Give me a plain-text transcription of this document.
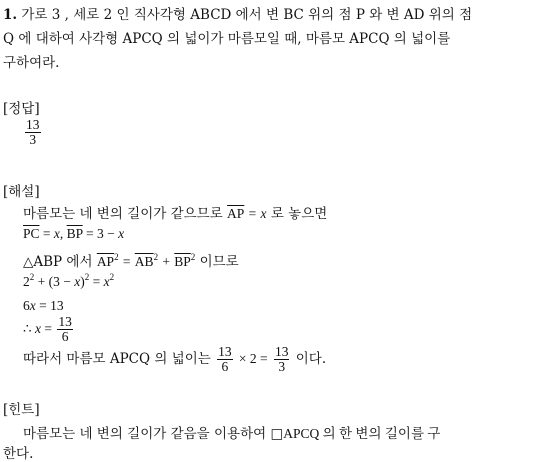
1. 가로 3 , 세로 2 인 직사각형 ABCD 에서 변 BC 위의 점 P 와 변 AD 위의 점
Q 에 대하여 사각형 APCQ 의 넓이가 마름모일 때, 마름모 APCQ 의 넓이를
구하여라.
[정답]
$\frac{13}{3}$
[해설]
마름모는 네 변의 길이가 같으므로 $\overline{AP} = x$ 로 놓으면
$\overline{PC} = x$, $\overline{BP} = 3 - x$
△ABP 에서 $\overline{AP}^2 = \overline{AB}^2 + \overline{BP}^2$ 이므로
$2^2 + (3 - x)^2 = x^2$
6x = 13
∴ $x = \frac{13}{6}$
따라서 마름모 APCQ 의 넓이는 $\frac{13}{6} \times 2 = \frac{13}{3}$ 이다.
[힌트]
마름모는 네 변의 길이가 같음을 이용하여 □APCQ 의 한 변의 길이를 구
한다.
